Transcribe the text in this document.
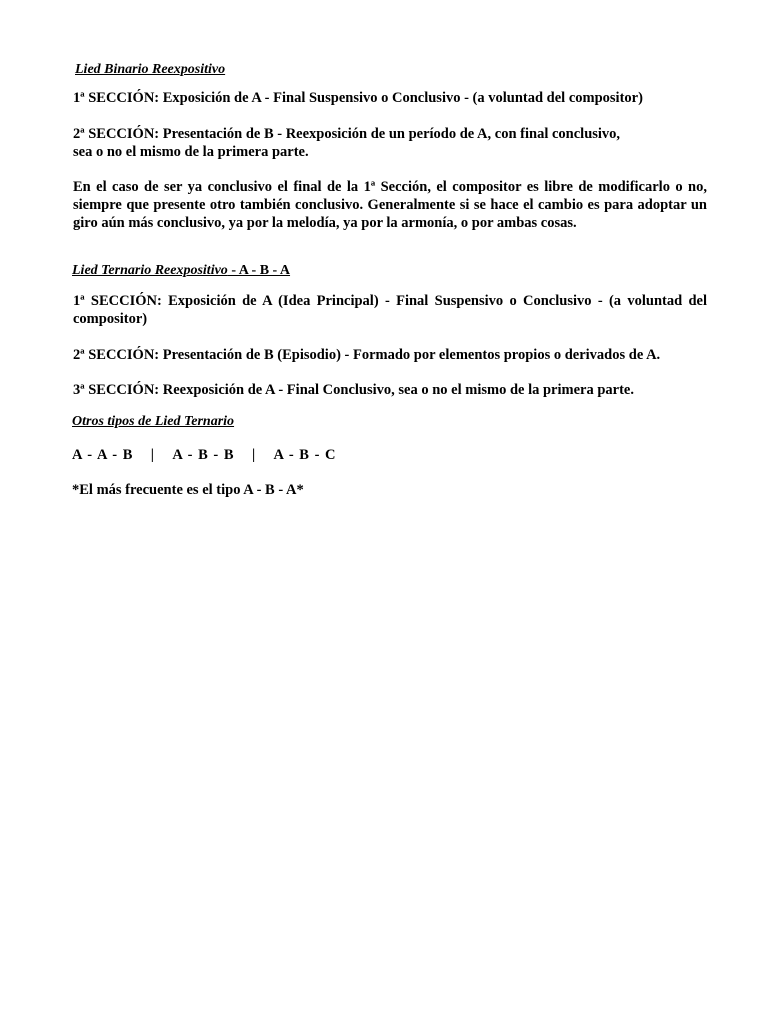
Lied Binario Reexpositivo

1ª SECCIÓN: Exposición de A - Final Suspensivo o Conclusivo - (a voluntad del compositor)

2ª SECCIÓN: Presentación de B - Reexposición de un período de A, con final conclusivo,

sea o no el mismo de la primera parte.

En el caso de ser ya conclusivo el final de la 1ª Sección, el compositor es libre de modificarlo o no, siempre que presente otro también conclusivo. Generalmente si se hace el cambio es para adoptar un giro aún más conclusivo, ya por la melodía, ya por la armonía, o por ambas cosas.

Lied Ternario Reexpositivo - A - B - A

1ª SECCIÓN: Exposición de A (Idea Principal) - Final Suspensivo o Conclusivo - (a voluntad del compositor)

2ª SECCIÓN: Presentación de B (Episodio) - Formado por elementos propios o derivados de A.

3ª SECCIÓN: Reexposición de A - Final Conclusivo, sea o no el mismo de la primera parte.

Otros tipos de Lied Ternario

A - A - B | A - B - B | A - B - C

*El más frecuente es el tipo A - B - A*
